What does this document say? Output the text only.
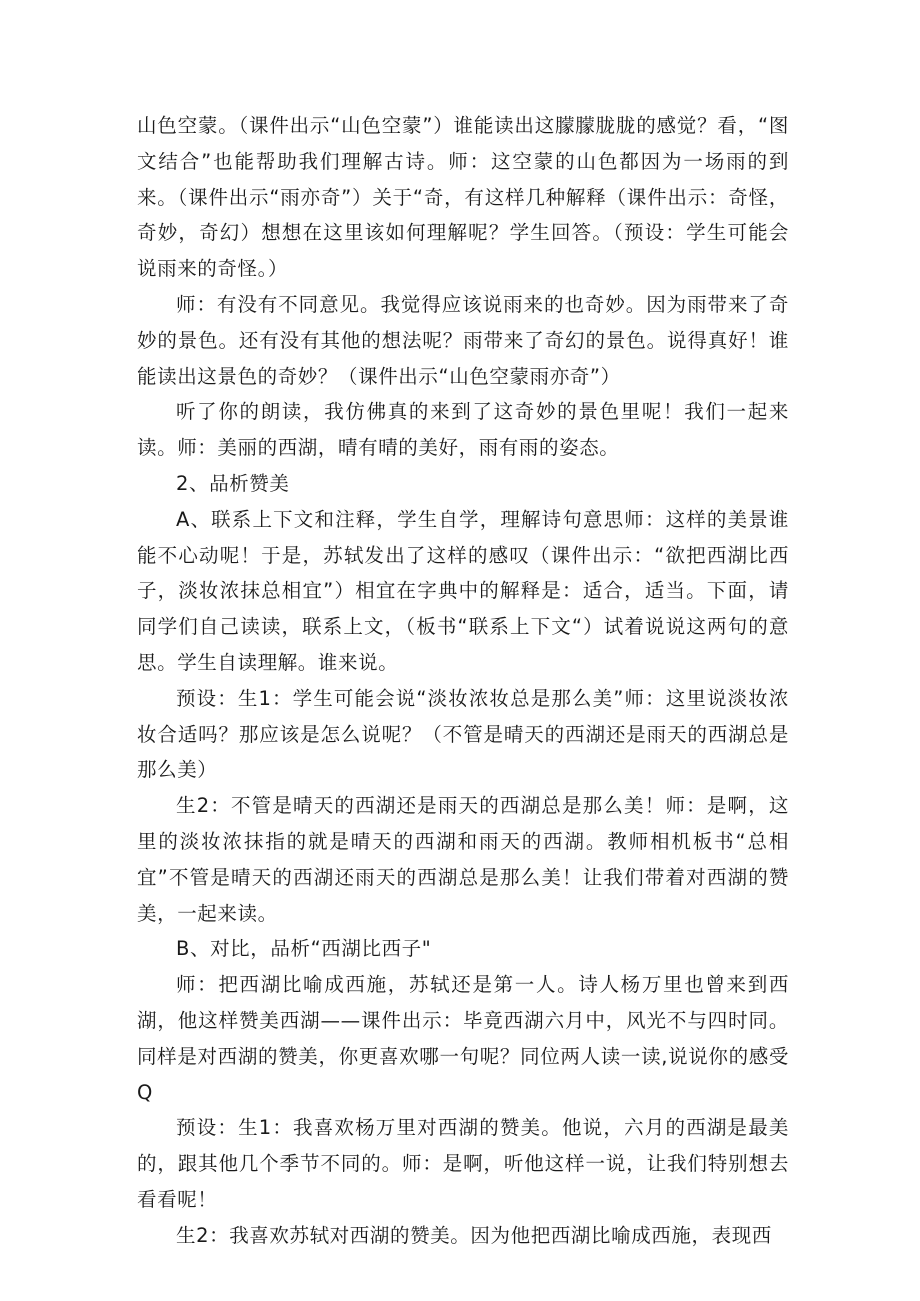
山色空蒙。（课件出示“山色空蒙”）谁能读出这朦朦胧胧的感觉？看，“图文结合”也能帮助我们理解古诗。师：这空蒙的山色都因为一场雨的到来。（课件出示“雨亦奇”）关于“奇，有这样几种解释（课件出示：奇怪，奇妙，奇幻）想想在这里该如何理解呢？学生回答。（预设：学生可能会说雨来的奇怪。）

师：有没有不同意见。我觉得应该说雨来的也奇妙。因为雨带来了奇妙的景色。还有没有其他的想法呢？雨带来了奇幻的景色。说得真好！谁能读出这景色的奇妙？（课件出示“山色空蒙雨亦奇”）

听了你的朗读，我仿佛真的来到了这奇妙的景色里呢！我们一起来读。师：美丽的西湖，晴有晴的美好，雨有雨的姿态。

2、品析赞美

A、联系上下文和注释，学生自学，理解诗句意思师：这样的美景谁能不心动呢！于是，苏轼发出了这样的感叹（课件出示：“欲把西湖比西子，淡妆浓抹总相宜”）相宜在字典中的解释是：适合，适当。下面，请同学们自己读读，联系上文，（板书“联系上下文“）试着说说这两句的意思。学生自读理解。谁来说。

预设：生1：学生可能会说“淡妆浓妆总是那么美”师：这里说淡妆浓妆合适吗？那应该是怎么说呢？（不管是晴天的西湖还是雨天的西湖总是那么美）

生2：不管是晴天的西湖还是雨天的西湖总是那么美！师：是啊，这里的淡妆浓抹指的就是晴天的西湖和雨天的西湖。教师相机板书“总相宜”不管是晴天的西湖还雨天的西湖总是那么美！让我们带着对西湖的赞美，一起来读。

B、对比，品析“西湖比西子"

师：把西湖比喻成西施，苏轼还是第一人。诗人杨万里也曾来到西湖，他这样赞美西湖——课件出示：毕竟西湖六月中，风光不与四时同。同样是对西湖的赞美，你更喜欢哪一句呢？同位两人读一读,说说你的感受Q

预设：生1：我喜欢杨万里对西湖的赞美。他说，六月的西湖是最美的，跟其他几个季节不同的。师：是啊，听他这样一说，让我们特别想去看看呢！

生2：我喜欢苏轼对西湖的赞美。因为他把西湖比喻成西施，表现西
